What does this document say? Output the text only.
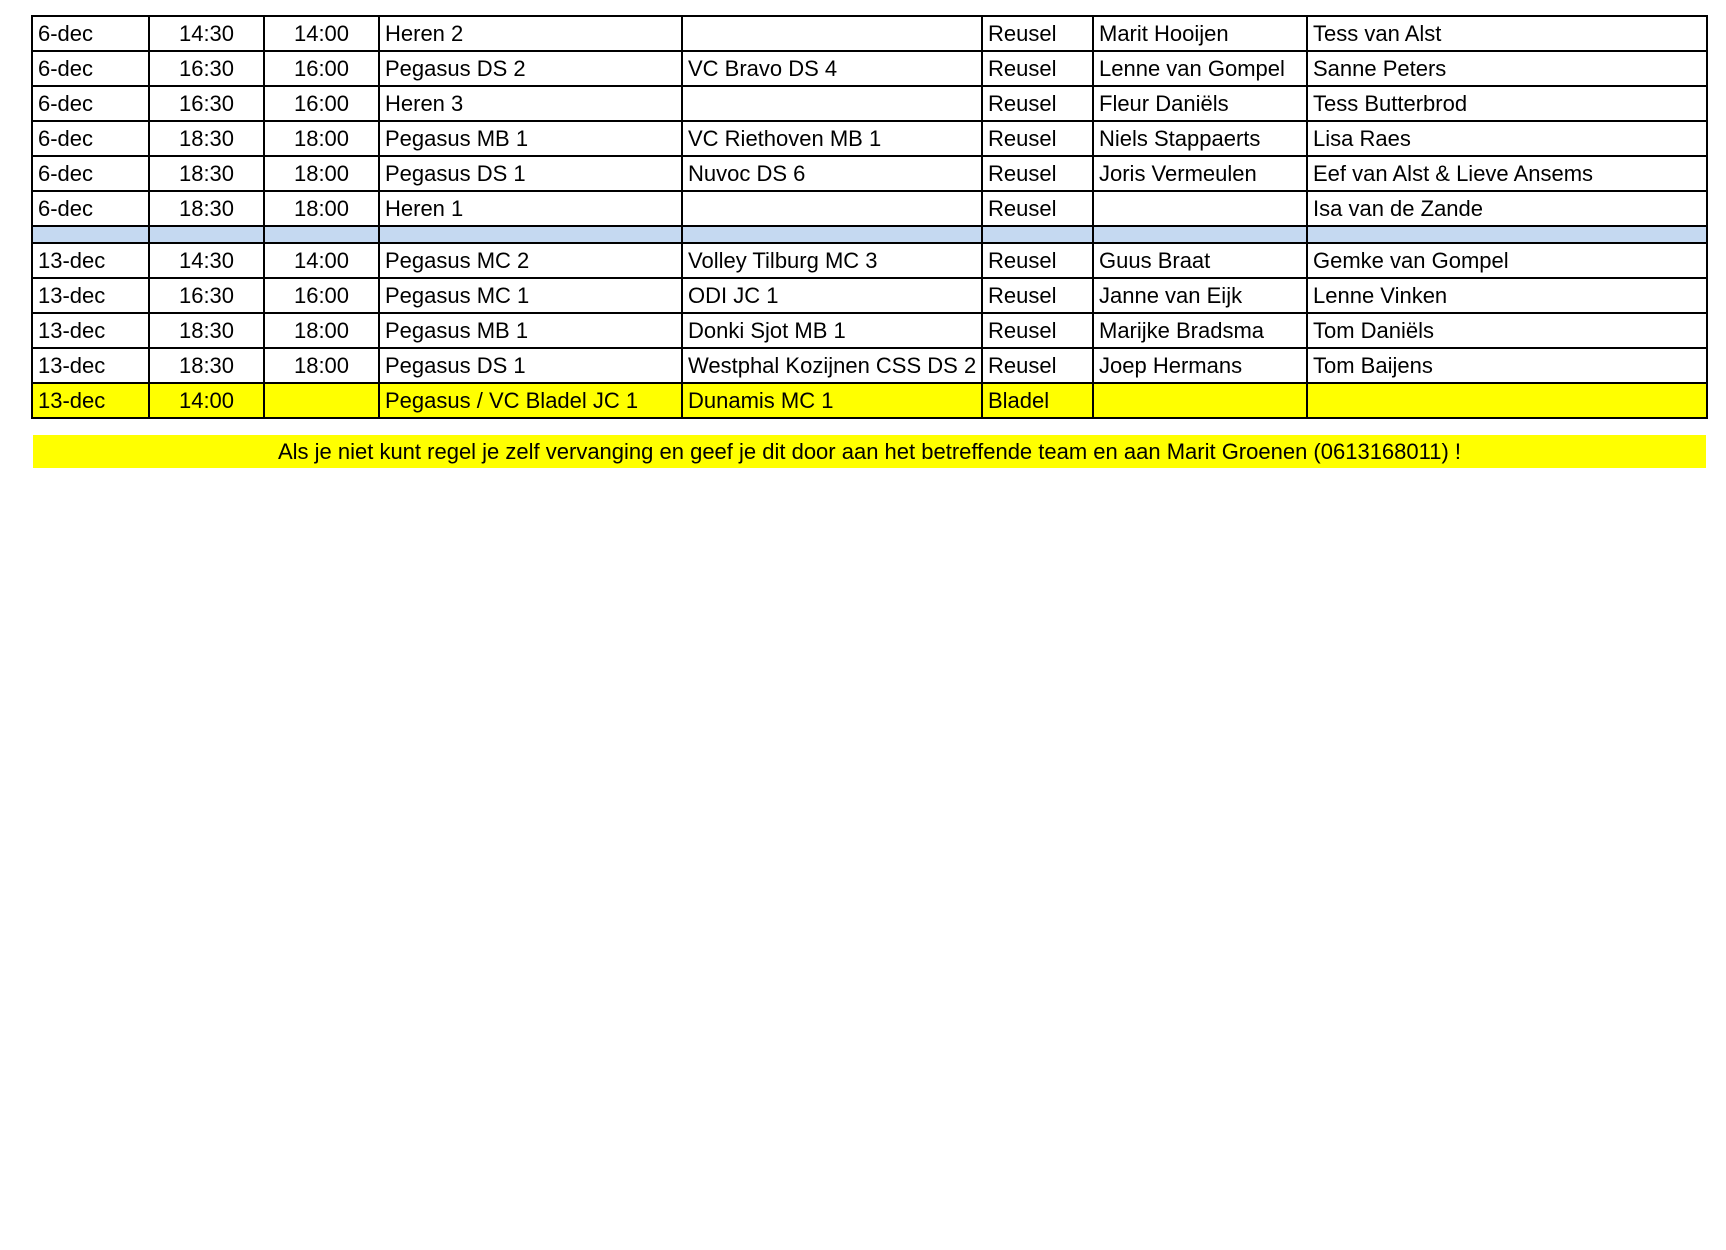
6-dec	14:30	14:00	Heren 2		Reusel	Marit Hooijen	Tess van Alst
6-dec	16:30	16:00	Pegasus DS 2	VC Bravo DS 4	Reusel	Lenne van Gompel	Sanne Peters
6-dec	16:30	16:00	Heren 3		Reusel	Fleur Daniëls	Tess Butterbrod
6-dec	18:30	18:00	Pegasus MB 1	VC Riethoven MB 1	Reusel	Niels Stappaerts	Lisa Raes
6-dec	18:30	18:00	Pegasus DS 1	Nuvoc DS 6	Reusel	Joris Vermeulen	Eef van Alst & Lieve Ansems
6-dec	18:30	18:00	Heren 1		Reusel		Isa van de Zande

13-dec	14:30	14:00	Pegasus MC 2	Volley Tilburg MC 3	Reusel	Guus Braat	Gemke van Gompel
13-dec	16:30	16:00	Pegasus MC 1	ODI JC 1	Reusel	Janne van Eijk	Lenne Vinken
13-dec	18:30	18:00	Pegasus MB 1	Donki Sjot MB 1	Reusel	Marijke Bradsma	Tom Daniëls
13-dec	18:30	18:00	Pegasus DS 1	Westphal Kozijnen CSS DS 2	Reusel	Joep Hermans	Tom Baijens
13-dec	14:00		Pegasus / VC Bladel JC 1	Dunamis MC 1	Bladel		
Als je niet kunt regel je zelf vervanging en geef je dit door aan het betreffende team en aan Marit Groenen (0613168011) !
